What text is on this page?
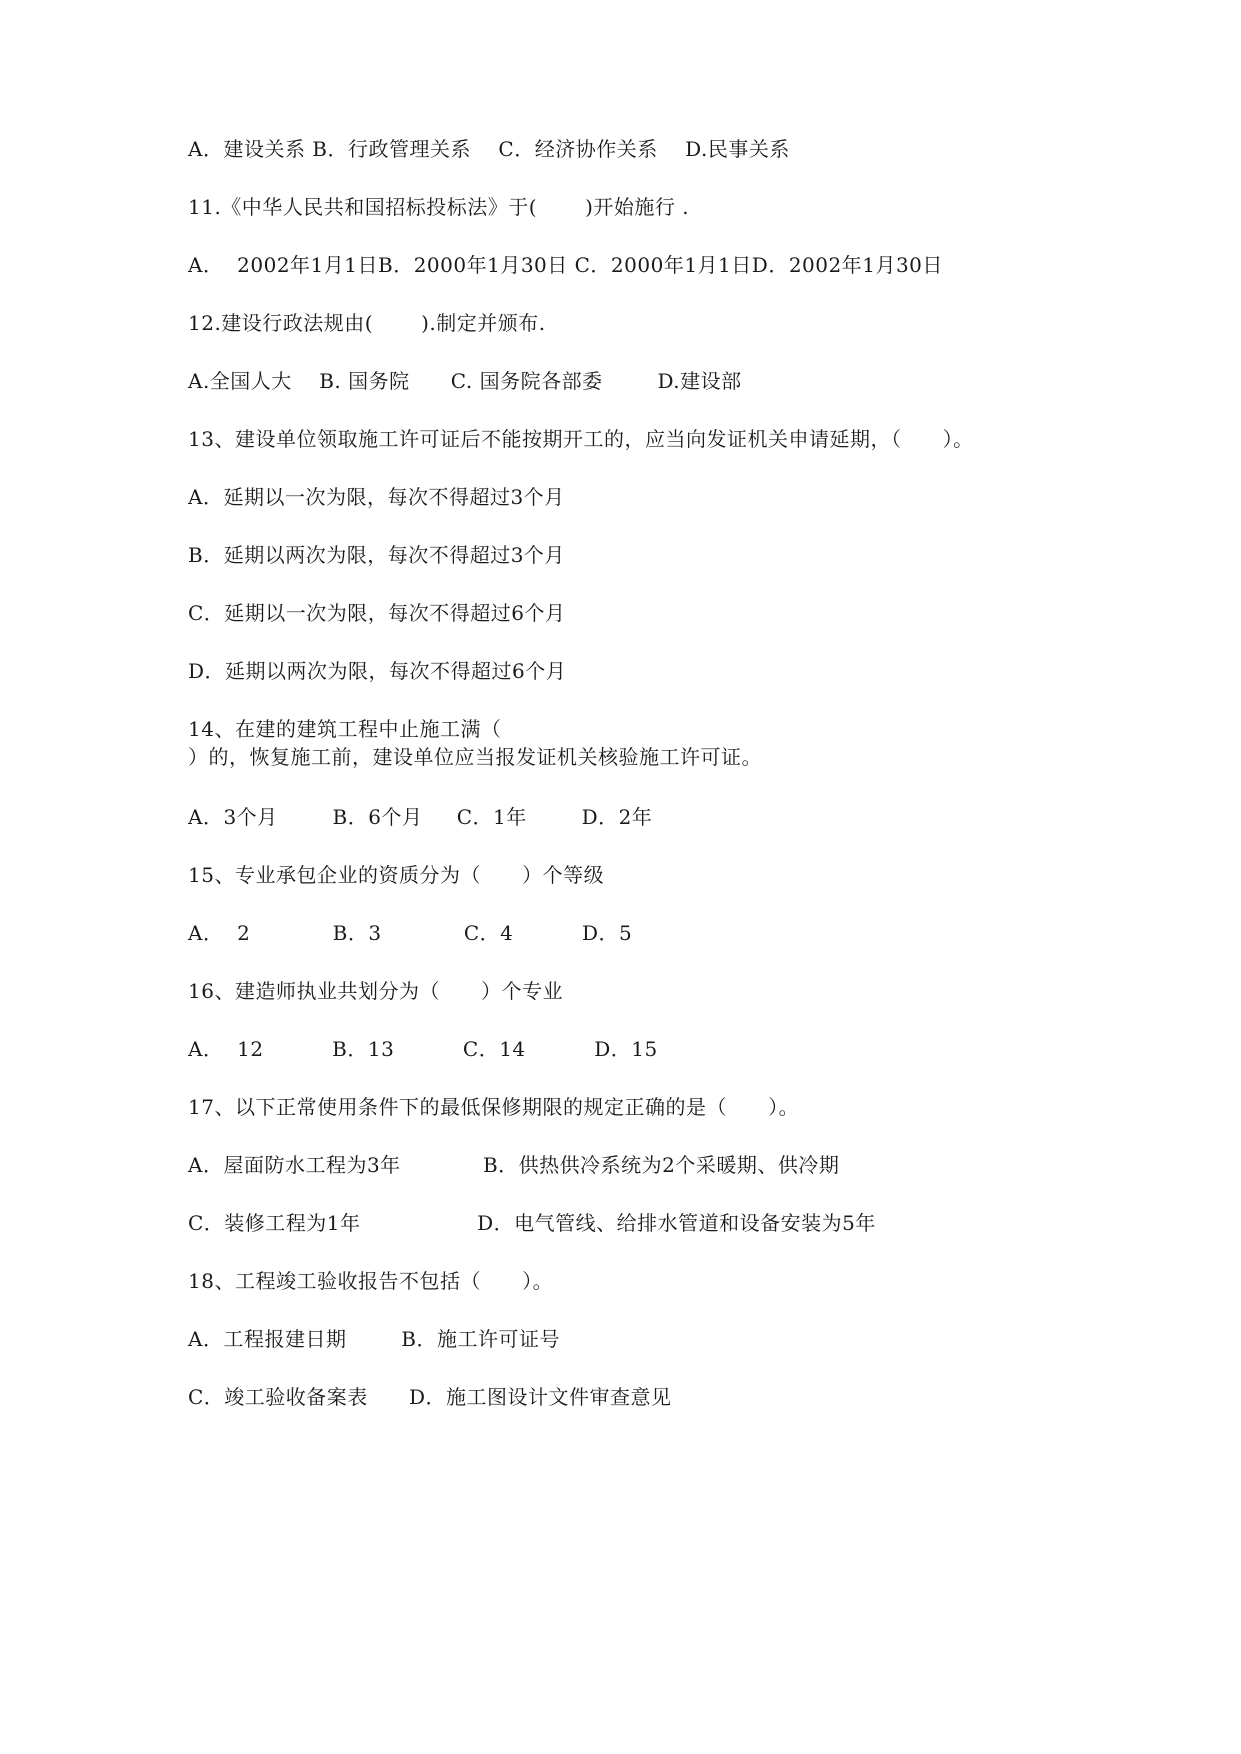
A．建设关系 B．行政管理关系    C．经济协作关系    D.民事关系
11.《中华人民共和国招标投标法》于(       )开始施行 .
A．  2002年1月1日B．2000年1月30日 C．2000年1月1日D．2002年1月30日
12.建设行政法规由(       ).制定并颁布.
A.全国人大    B. 国务院      C. 国务院各部委        D.建设部
13、建设单位领取施工许可证后不能按期开工的，应当向发证机关申请延期，（      ）。
A．延期以一次为限，每次不得超过3个月
B．延期以两次为限，每次不得超过3个月
C．延期以一次为限，每次不得超过6个月
D．延期以两次为限，每次不得超过6个月
14、在建的建筑工程中止施工满（
）的，恢复施工前，建设单位应当报发证机关核验施工许可证。
A．3个月        B．6个月     C．1年        D．2年
15、专业承包企业的资质分为（      ）个等级
A．  2            B．3            C．4          D．5
16、建造师执业共划分为（      ）个专业
A．  12          B．13          C．14          D．15
17、以下正常使用条件下的最低保修期限的规定正确的是（      ）。
A．屋面防水工程为3年            B．供热供冷系统为2个采暖期、供冷期
C．装修工程为1年                 D．电气管线、给排水管道和设备安装为5年
18、工程竣工验收报告不包括（      ）。
A．工程报建日期        B．施工许可证号
C．竣工验收备案表      D．施工图设计文件审查意见
